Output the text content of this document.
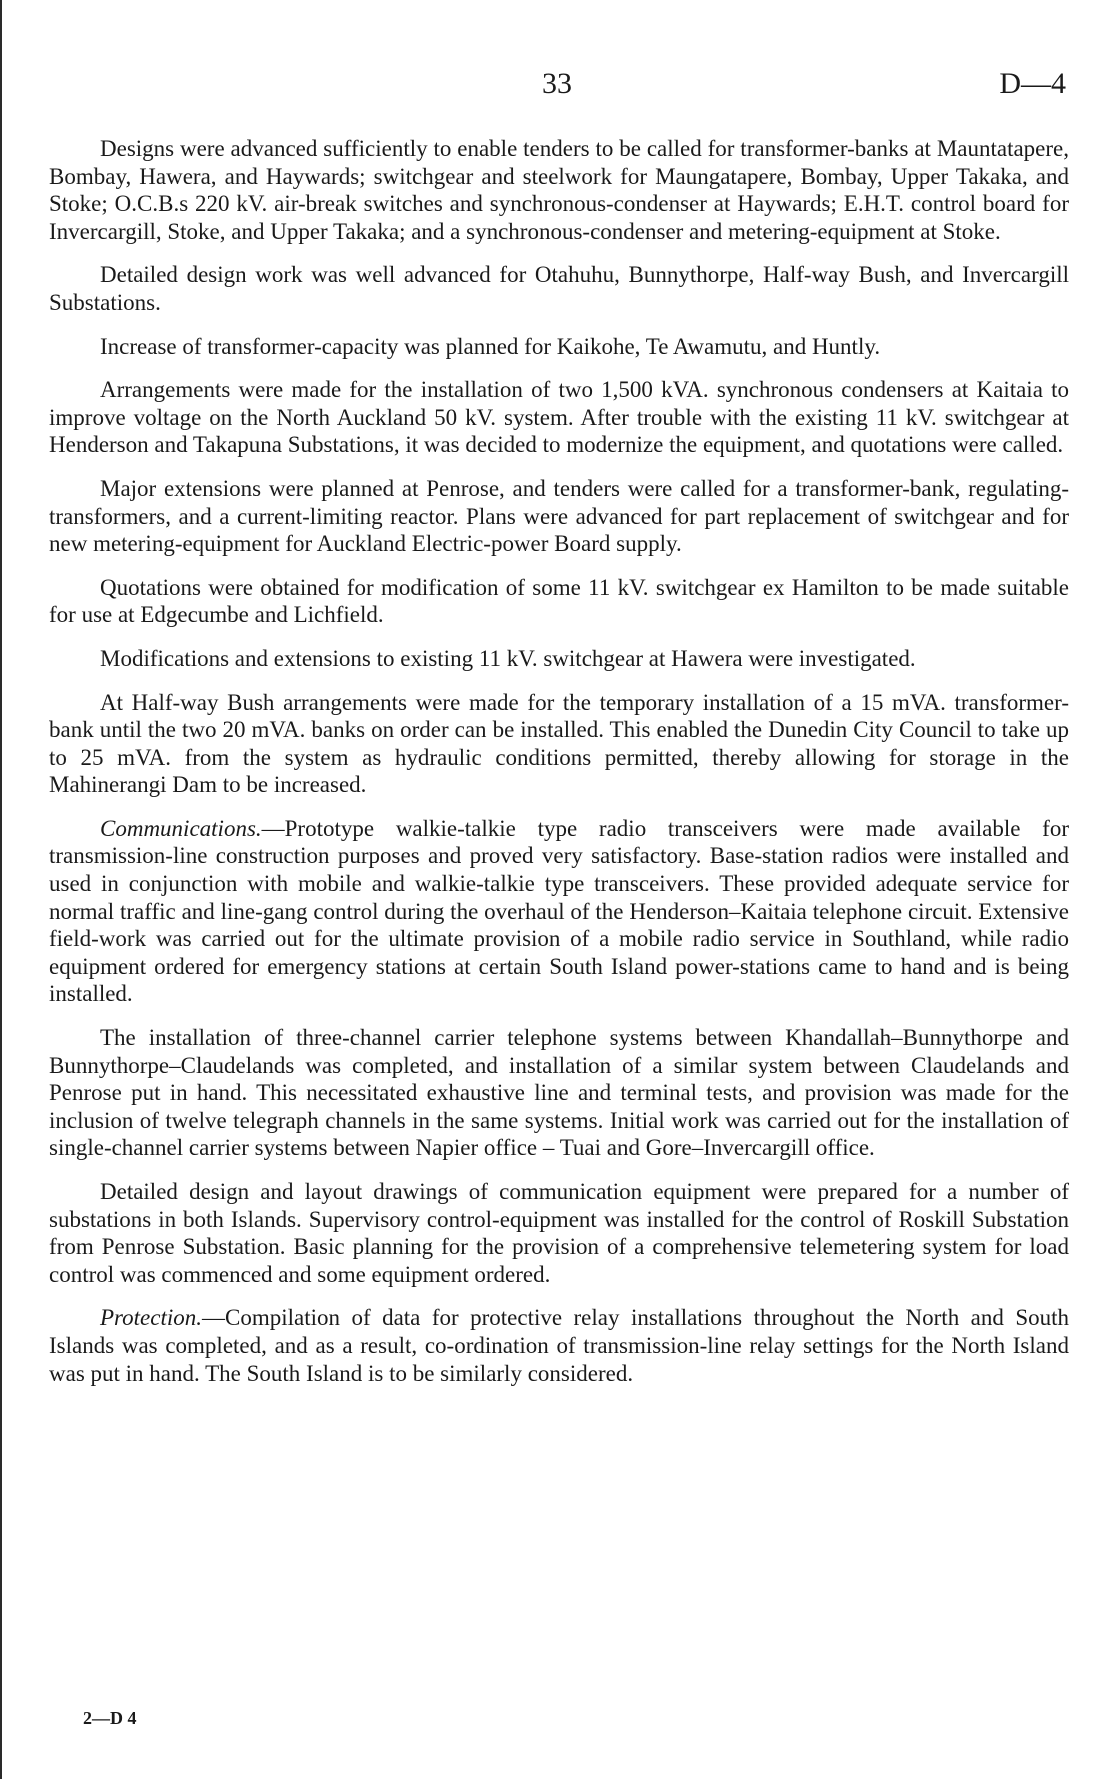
33	D—4

Designs were advanced sufficiently to enable tenders to be called for transformer-banks at Mauntatapere, Bombay, Hawera, and Haywards; switchgear and steelwork for Maungatapere, Bombay, Upper Takaka, and Stoke; O.C.B.s 220 kV. air-break switches and synchronous-condenser at Haywards; E.H.T. control board for Invercargill, Stoke, and Upper Takaka; and a synchronous-condenser and metering-equipment at Stoke.

Detailed design work was well advanced for Otahuhu, Bunnythorpe, Half-way Bush, and Invercargill Substations.

Increase of transformer-capacity was planned for Kaikohe, Te Awamutu, and Huntly.

Arrangements were made for the installation of two 1,500 kVA. synchronous condensers at Kaitaia to improve voltage on the North Auckland 50 kV. system. After trouble with the existing 11 kV. switchgear at Henderson and Takapuna Substations, it was decided to modernize the equipment, and quotations were called.

Major extensions were planned at Penrose, and tenders were called for a transformer-bank, regulating-transformers, and a current-limiting reactor. Plans were advanced for part replacement of switchgear and for new metering-equipment for Auckland Electric-power Board supply.

Quotations were obtained for modification of some 11 kV. switchgear ex Hamilton to be made suitable for use at Edgecumbe and Lichfield.

Modifications and extensions to existing 11 kV. switchgear at Hawera were investigated.

At Half-way Bush arrangements were made for the temporary installation of a 15 mVA. transformer-bank until the two 20 mVA. banks on order can be installed. This enabled the Dunedin City Council to take up to 25 mVA. from the system as hydraulic conditions permitted, thereby allowing for storage in the Mahinerangi Dam to be increased.

Communications.—Prototype walkie-talkie type radio transceivers were made available for transmission-line construction purposes and proved very satisfactory. Base-station radios were installed and used in conjunction with mobile and walkie-talkie type transceivers. These provided adequate service for normal traffic and line-gang control during the overhaul of the Henderson–Kaitaia telephone circuit. Extensive field-work was carried out for the ultimate provision of a mobile radio service in Southland, while radio equipment ordered for emergency stations at certain South Island power-stations came to hand and is being installed.

The installation of three-channel carrier telephone systems between Khandallah–Bunnythorpe and Bunnythorpe–Claudelands was completed, and installation of a similar system between Claudelands and Penrose put in hand. This necessitated exhaustive line and terminal tests, and provision was made for the inclusion of twelve telegraph channels in the same systems. Initial work was carried out for the installation of single-channel carrier systems between Napier office – Tuai and Gore–Invercargill office.

Detailed design and layout drawings of communication equipment were prepared for a number of substations in both Islands. Supervisory control-equipment was installed for the control of Roskill Substation from Penrose Substation. Basic planning for the provision of a comprehensive telemetering system for load control was commenced and some equipment ordered.

Protection.—Compilation of data for protective relay installations throughout the North and South Islands was completed, and as a result, co-ordination of transmission-line relay settings for the North Island was put in hand. The South Island is to be similarly considered.

2—D 4
